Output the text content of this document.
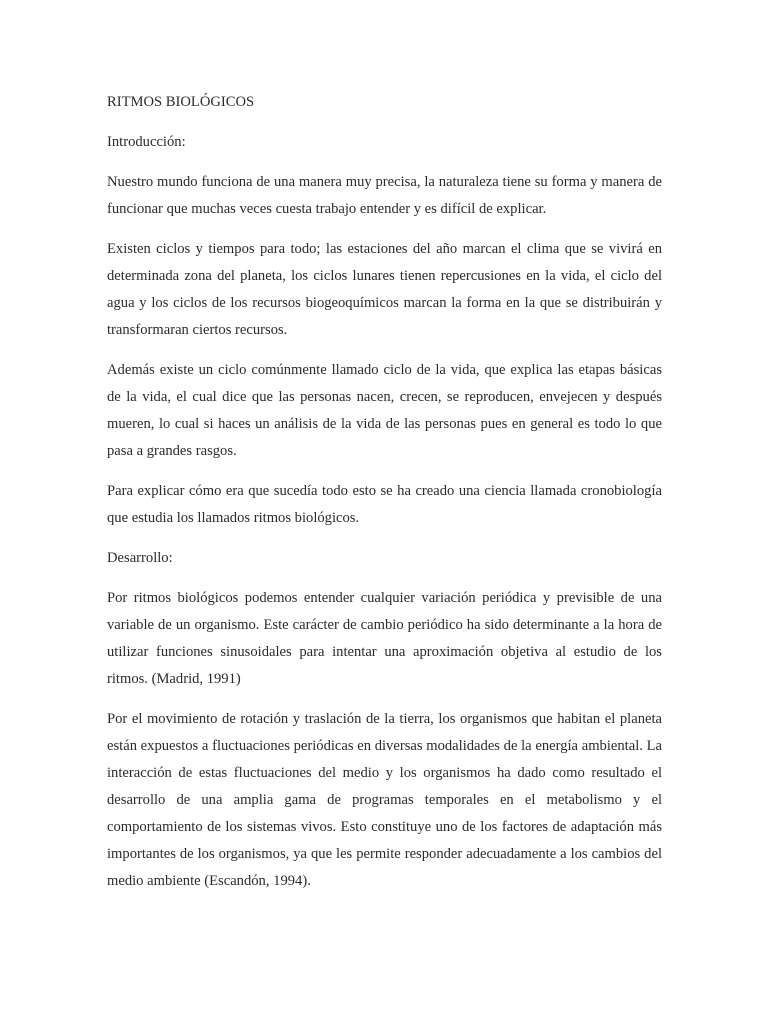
RITMOS BIOLÓGICOS

Introducción:

Nuestro mundo funciona de una manera muy precisa, la naturaleza tiene su forma y manera de funcionar que muchas veces cuesta trabajo entender y es difícil de explicar.

Existen ciclos y tiempos para todo; las estaciones del año marcan el clima que se vivirá en determinada zona del planeta, los ciclos lunares tienen repercusiones en la vida, el ciclo del agua y los ciclos de los recursos biogeoquímicos marcan la forma en la que se distribuirán y transformaran ciertos recursos.

Además existe un ciclo comúnmente llamado ciclo de la vida, que explica las etapas básicas de la vida, el cual dice que las personas nacen, crecen, se reproducen, envejecen y después mueren, lo cual si haces un análisis de la vida de las personas pues en general es todo lo que pasa a grandes rasgos.

Para explicar cómo era que sucedía todo esto se ha creado una ciencia llamada cronobiología que estudia los llamados ritmos biológicos.

Desarrollo:

Por ritmos biológicos podemos entender cualquier variación periódica y previsible de una variable de un organismo. Este carácter de cambio periódico ha sido determinante a la hora de utilizar funciones sinusoidales para intentar una aproximación objetiva al estudio de los ritmos. (Madrid, 1991)

Por el movimiento de rotación y traslación de la tierra, los organismos que habitan el planeta están expuestos a fluctuaciones periódicas en diversas modalidades de la energía ambiental. La interacción de estas fluctuaciones del medio y los organismos ha dado como resultado el desarrollo de una amplia gama de programas temporales en el metabolismo y el comportamiento de los sistemas vivos. Esto constituye uno de los factores de adaptación más importantes de los organismos, ya que les permite responder adecuadamente a los cambios del medio ambiente (Escandón, 1994).
